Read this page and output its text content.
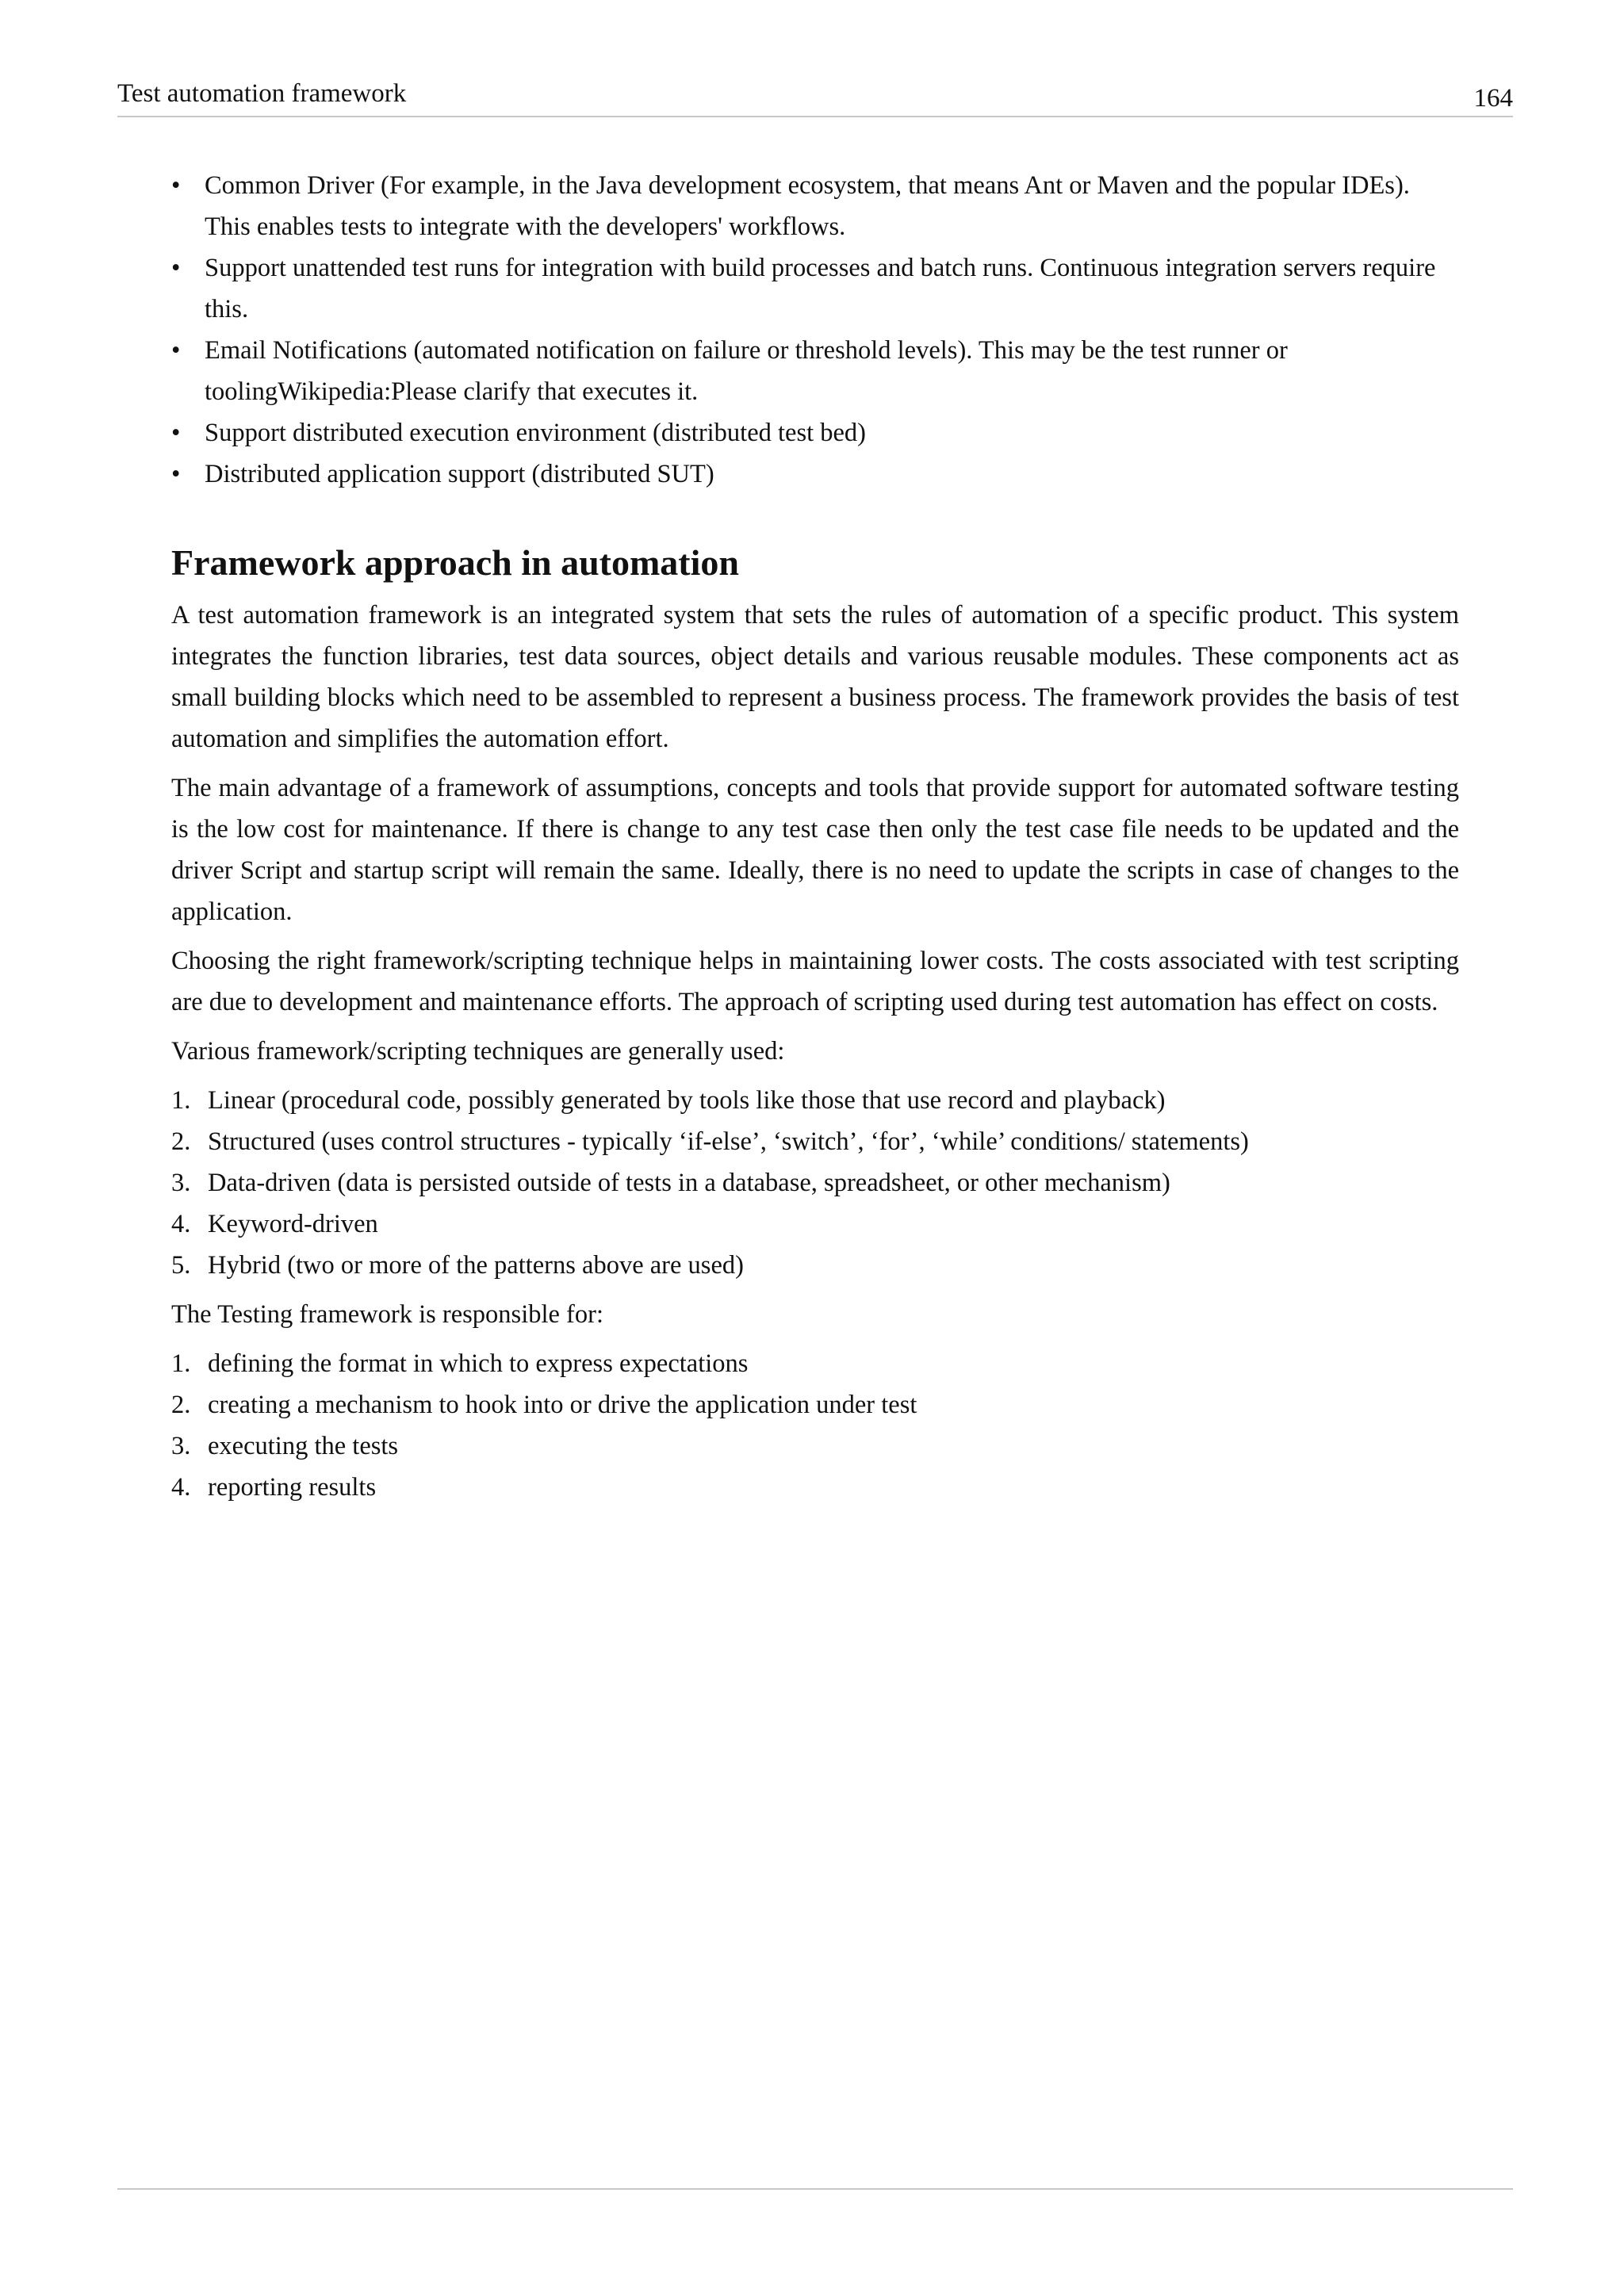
Test automation framework	164
• Common Driver (For example, in the Java development ecosystem, that means Ant or Maven and the popular IDEs). This enables tests to integrate with the developers' workflows.
• Support unattended test runs for integration with build processes and batch runs. Continuous integration servers require this.
• Email Notifications (automated notification on failure or threshold levels). This may be the test runner or toolingWikipedia:Please clarify that executes it.
• Support distributed execution environment (distributed test bed)
• Distributed application support (distributed SUT)
Framework approach in automation

A test automation framework is an integrated system that sets the rules of automation of a specific product. This system integrates the function libraries, test data sources, object details and various reusable modules. These components act as small building blocks which need to be assembled to represent a business process. The framework provides the basis of test automation and simplifies the automation effort.

The main advantage of a framework of assumptions, concepts and tools that provide support for automated software testing is the low cost for maintenance. If there is change to any test case then only the test case file needs to be updated and the driver Script and startup script will remain the same. Ideally, there is no need to update the scripts in case of changes to the application.

Choosing the right framework/scripting technique helps in maintaining lower costs. The costs associated with test scripting are due to development and maintenance efforts. The approach of scripting used during test automation has effect on costs.

Various framework/scripting techniques are generally used:

1. Linear (procedural code, possibly generated by tools like those that use record and playback)
2. Structured (uses control structures - typically ‘if-else’, ‘switch’, ‘for’, ‘while’ conditions/ statements)
3. Data-driven (data is persisted outside of tests in a database, spreadsheet, or other mechanism)
4. Keyword-driven
5. Hybrid (two or more of the patterns above are used)

The Testing framework is responsible for:

1. defining the format in which to express expectations
2. creating a mechanism to hook into or drive the application under test
3. executing the tests
4. reporting results
